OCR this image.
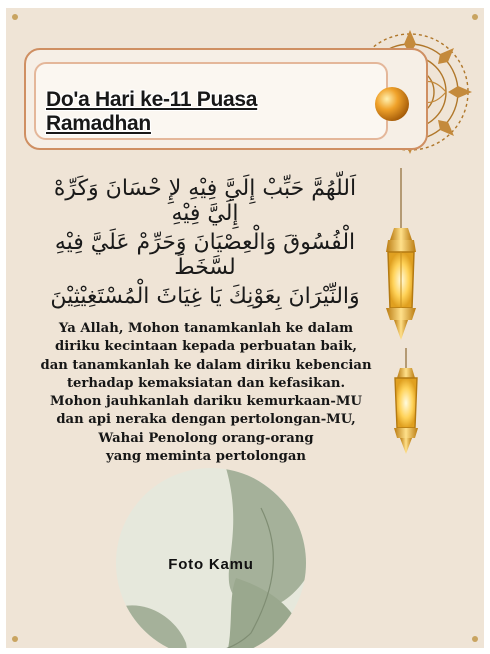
Do'a Hari ke-11 Puasa Ramadhan
اَللّهُمَّ حَبِّبْ إِلَيَّ فِيْهِ لإِ حْسَانَ وَكَرِّهْ إِلَيَّ فِيْهِ
الْفُسُوقَ وَالْعِصْيَانَ وَحَرِّمْ عَلَيَّ فِيْهِ لسَّخَطَ
وَالنِّيْرَانَ بِعَوْنِكَ يَا غِيَاثَ الْمُسْتَغِيْثِيْنَ
Ya Allah, Mohon tanamkanlah ke dalam
diriku kecintaan kepada perbuatan baik,
dan tanamkanlah ke dalam diriku kebencian
terhadap kemaksiatan dan kefasikan.
Mohon jauhkanlah dariku kemurkaan-MU
dan api neraka dengan pertolongan-MU,
Wahai Penolong orang-orang
yang meminta pertolongan
Foto Kamu
